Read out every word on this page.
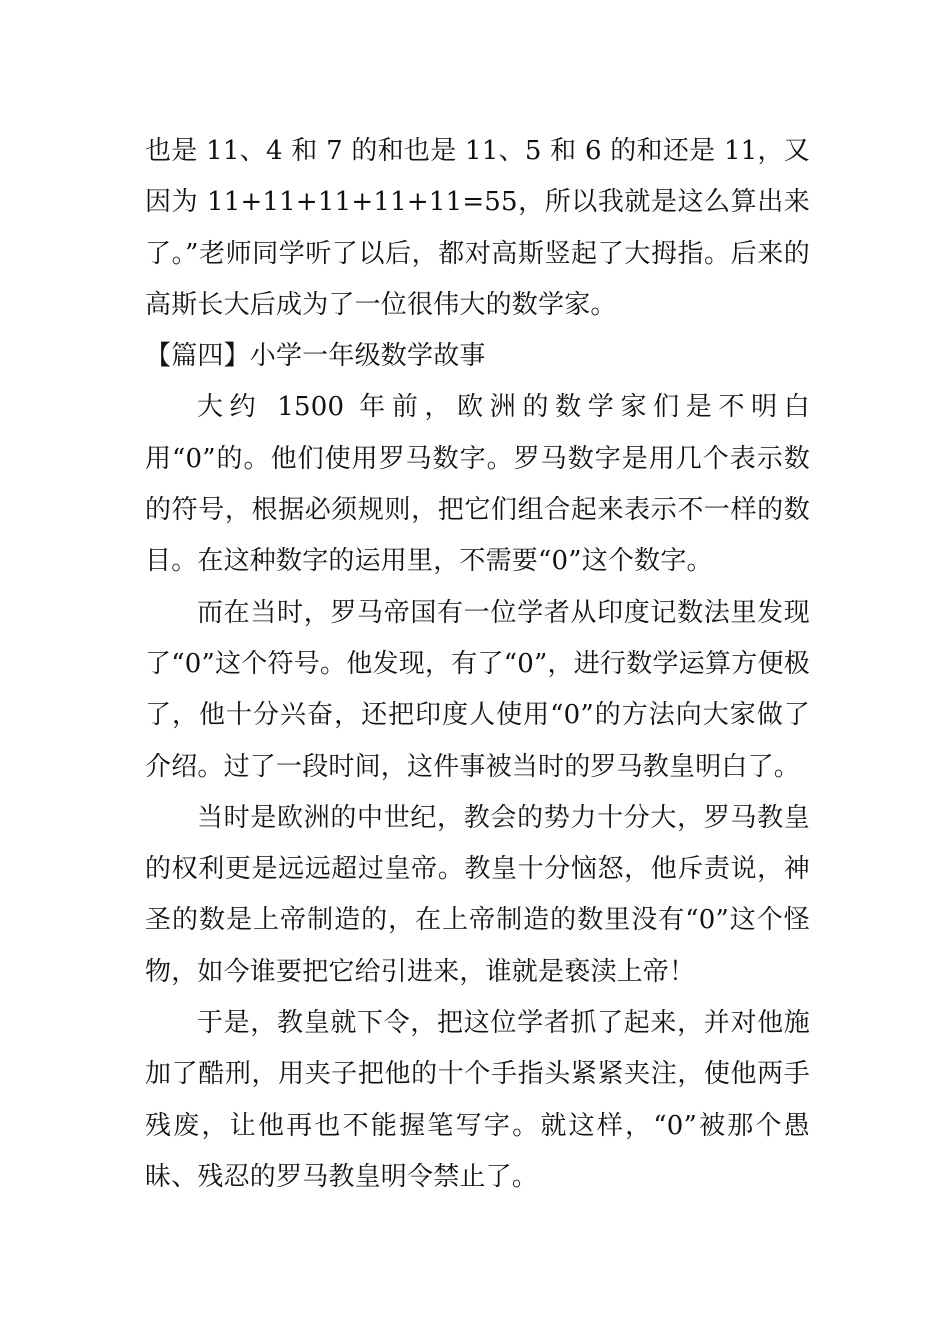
也是 11、4 和 7 的和也是 11、5 和 6 的和还是 11，又因为 11+11+11+11+11=55，所以我就是这么算出来了。”老师同学听了以后，都对高斯竖起了大拇指。后来的高斯长大后成为了一位很伟大的数学家。

【篇四】小学一年级数学故事

大约 1500 年前，欧洲的数学家们是不明白用“0”的。他们使用罗马数字。罗马数字是用几个表示数的符号，根据必须规则，把它们组合起来表示不一样的数目。在这种数字的运用里，不需要“0”这个数字。

而在当时，罗马帝国有一位学者从印度记数法里发现了“0”这个符号。他发现，有了“0”，进行数学运算方便极了，他十分兴奋，还把印度人使用“0”的方法向大家做了介绍。过了一段时间，这件事被当时的罗马教皇明白了。

当时是欧洲的中世纪，教会的势力十分大，罗马教皇的权利更是远远超过皇帝。教皇十分恼怒，他斥责说，神圣的数是上帝制造的，在上帝制造的数里没有“0”这个怪物，如今谁要把它给引进来，谁就是亵渎上帝！

于是，教皇就下令，把这位学者抓了起来，并对他施加了酷刑，用夹子把他的十个手指头紧紧夹注，使他两手残废，让他再也不能握笔写字。就这样，“0”被那个愚昧、残忍的罗马教皇明令禁止了。
